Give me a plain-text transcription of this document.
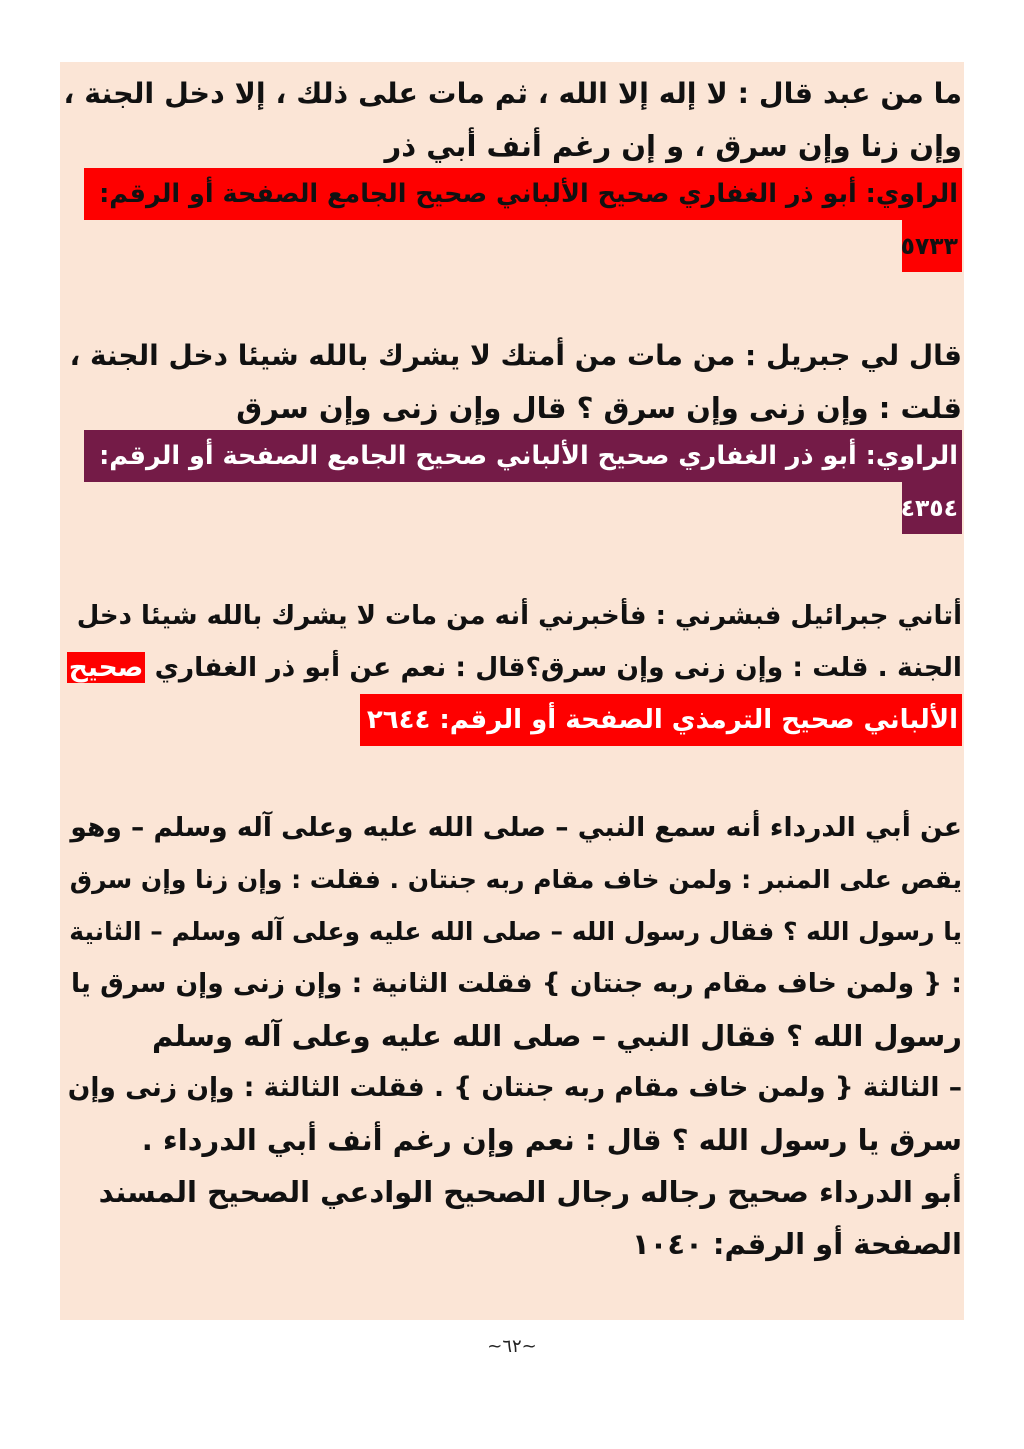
ما من عبد قال : لا إله إلا الله ، ثم مات على ذلك ، إلا دخل الجنة ،
وإن زنا وإن سرق ، و إن رغم أنف أبي ذر
الراوي: أبو ذر الغفاري صحيح الألباني صحيح الجامع الصفحة أو الرقم:
٥٧٣٣
قال لي جبريل : من مات من أمتك لا يشرك بالله شيئا دخل الجنة ،
قلت : وإن زنى وإن سرق ؟ قال وإن زنى وإن سرق
الراوي: أبو ذر الغفاري صحيح الألباني صحيح الجامع الصفحة أو الرقم:
٤٣٥٤
أتاني جبرائيل فبشرني : فأخبرني أنه من مات لا يشرك بالله شيئا دخل
الجنة . قلت : وإن زنى وإن سرق؟قال : نعم عن أبو ذر الغفاري صحيح
الألباني صحيح الترمذي الصفحة أو الرقم: ٢٦٤٤
عن أبي الدرداء أنه سمع النبي – صلى الله عليه وعلى آله وسلم – وهو
يقص على المنبر : ولمن خاف مقام ربه جنتان . فقلت : وإن زنا وإن سرق
يا رسول الله ؟ فقال رسول الله – صلى الله عليه وعلى آله وسلم – الثانية
: { ولمن خاف مقام ربه جنتان } فقلت الثانية : وإن زنى وإن سرق يا
رسول الله ؟ فقال النبي – صلى الله عليه وعلى آله وسلم
– الثالثة { ولمن خاف مقام ربه جنتان } . فقلت الثالثة : وإن زنى وإن
سرق يا رسول الله ؟ قال : نعم وإن رغم أنف أبي الدرداء .
أبو الدرداء صحيح رجاله رجال الصحيح الوادعي الصحيح المسند
الصفحة أو الرقم: ١٠٤٠
~٦٢~
